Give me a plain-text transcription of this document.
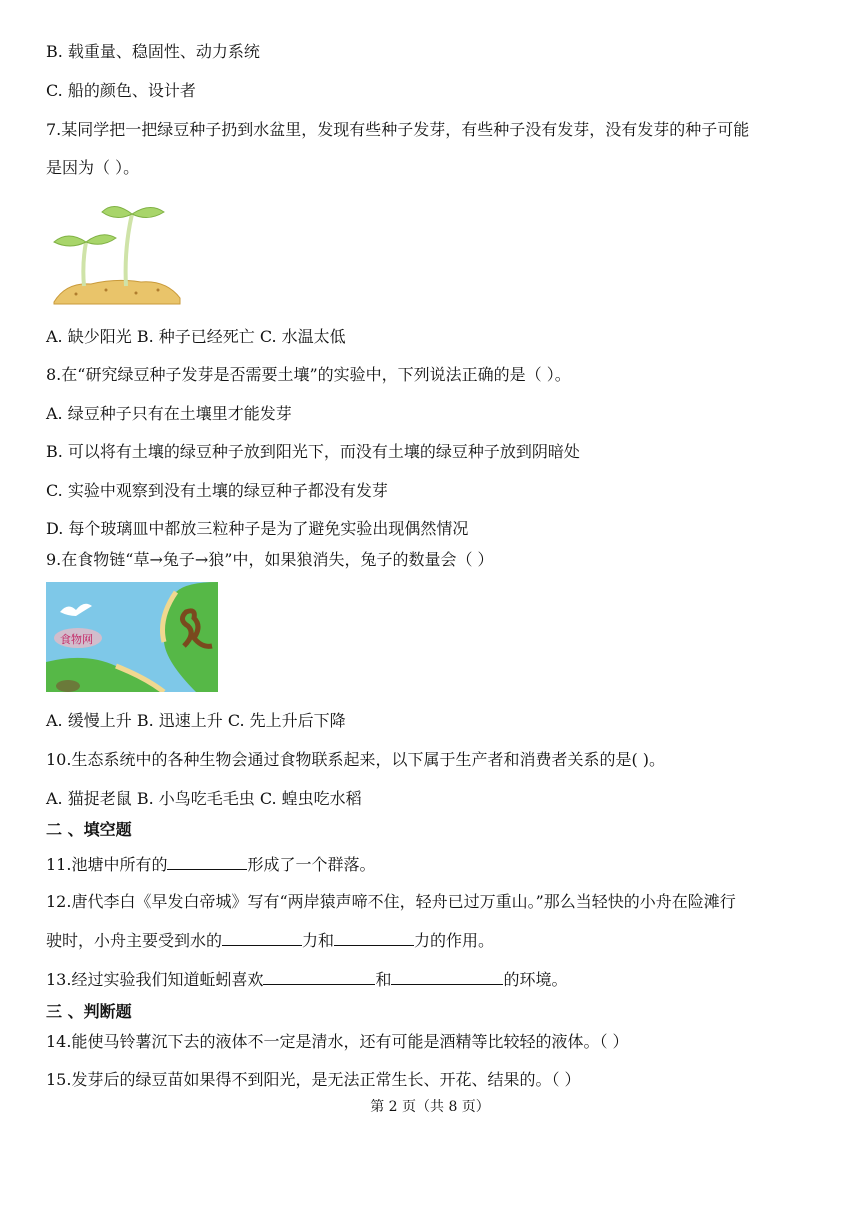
B. 载重量、稳固性、动力系统
C. 船的颜色、设计者
7.某同学把一把绿豆种子扔到水盆里，发现有些种子发芽，有些种子没有发芽，没有发芽的种子可能
是因为（ ）。
A. 缺少阳光 B. 种子已经死亡 C. 水温太低
8.在“研究绿豆种子发芽是否需要土壤”的实验中，下列说法正确的是（ ）。
A. 绿豆种子只有在土壤里才能发芽
B. 可以将有土壤的绿豆种子放到阳光下，而没有土壤的绿豆种子放到阴暗处
C. 实验中观察到没有土壤的绿豆种子都没有发芽
D. 每个玻璃皿中都放三粒种子是为了避免实验出现偶然情况
9.在食物链“草→兔子→狼”中，如果狼消失，兔子的数量会（ ）
食物网
A. 缓慢上升 B. 迅速上升 C. 先上升后下降
10.生态系统中的各种生物会通过食物联系起来，以下属于生产者和消费者关系的是( )。
A. 猫捉老鼠 B. 小鸟吃毛毛虫 C. 蝗虫吃水稻
二 、填空题
11.池塘中所有的	形成了一个群落。
12.唐代李白《早发白帝城》写有“两岸猿声啼不住，轻舟已过万重山。”那么当轻快的小舟在险滩行
驶时，小舟主要受到水的	力和	力的作用。
13.经过实验我们知道蚯蚓喜欢	和	的环境。
三 、判断题
14.能使马铃薯沉下去的液体不一定是清水，还有可能是酒精等比较轻的液体。（ ）
15.发芽后的绿豆苗如果得不到阳光，是无法正常生长、开花、结果的。（ ）
第 2 页（共 8 页）
